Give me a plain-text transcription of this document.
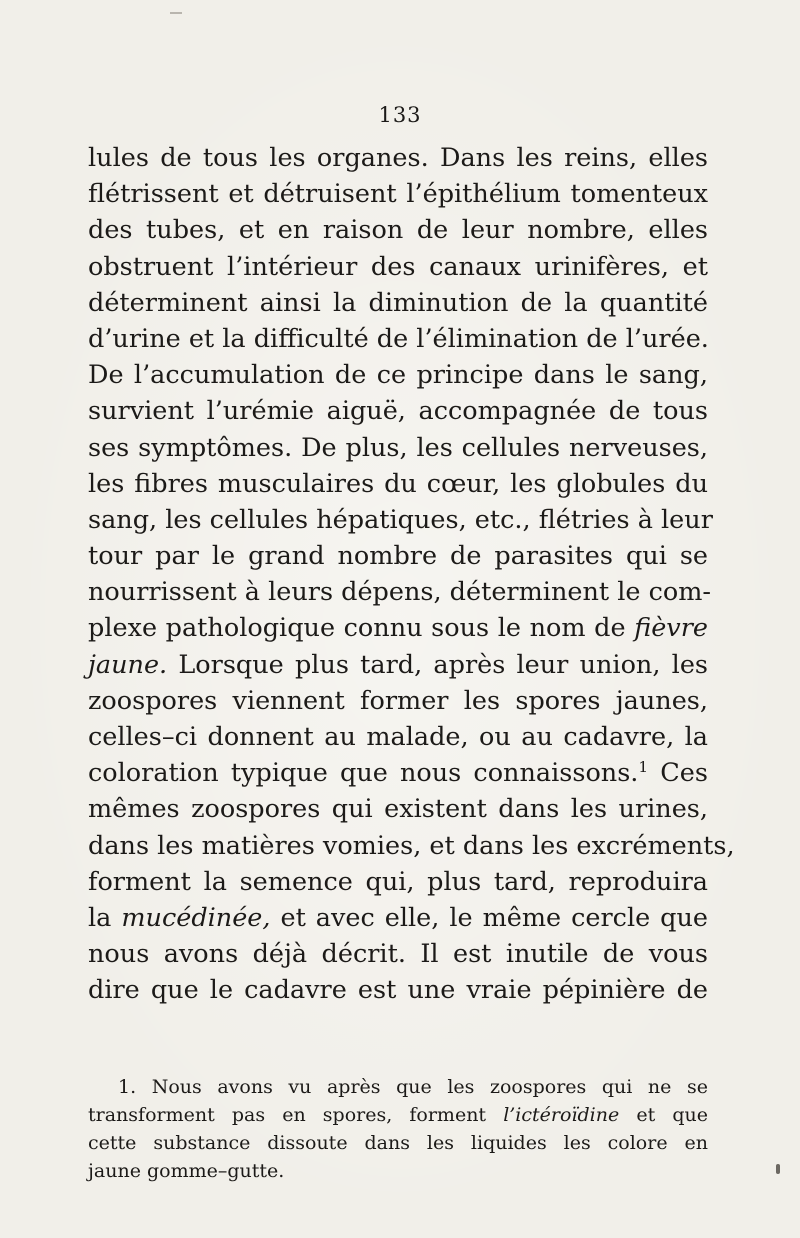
133
lules de tous les organes. Dans les reins, elles
flétrissent et détruisent l’épithélium tomenteux
des tubes, et en raison de leur nombre, elles
obstruent l’intérieur des canaux urinifères, et
déterminent ainsi la diminution de la quantité
d’urine et la difficulté de l’élimination de l’urée.
De l’accumulation de ce principe dans le sang,
survient l’urémie aiguë, accompagnée de tous
ses symptômes. De plus, les cellules nerveuses,
les fibres musculaires du cœur, les globules du
sang, les cellules hépatiques, etc., flétries à leur
tour par le grand nombre de parasites qui se
nourrissent à leurs dépens, déterminent le com-
plexe pathologique connu sous le nom de fièvre
jaune. Lorsque plus tard, après leur union, les
zoospores viennent former les spores jaunes,
celles–ci donnent au malade, ou au cadavre, la
coloration typique que nous connaissons.$^1$ Ces
mêmes zoospores qui existent dans les urines,
dans les matières vomies, et dans les excréments,
forment la semence qui, plus tard, reproduira
la mucédinée, et avec elle, le même cercle que
nous avons déjà décrit. Il est inutile de vous
dire que le cadavre est une vraie pépinière de
1. Nous avons vu après que les zoospores qui ne se
transforment pas en spores, forment l’ictéroïdine et que
cette substance dissoute dans les liquides les colore en
jaune gomme–gutte.
